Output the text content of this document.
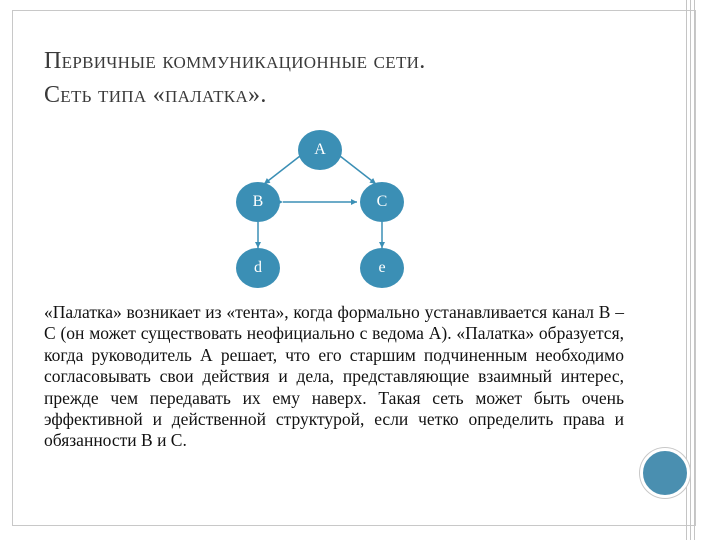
Первичные коммуникационные сети.
Сеть типа «палатка».
A
B	C
d	e
«Палатка» возникает из «тента», когда формально устанавливается канал В – С (он может существовать неофициально с ведома А). «Палатка» образуется, когда руководитель А решает, что его старшим подчиненным необходимо согласовывать свои действия и дела, представляющие взаимный интерес, прежде чем передавать их ему наверх. Такая сеть может быть очень эффективной и действенной структурой, если четко определить права и обязанности В и С.
